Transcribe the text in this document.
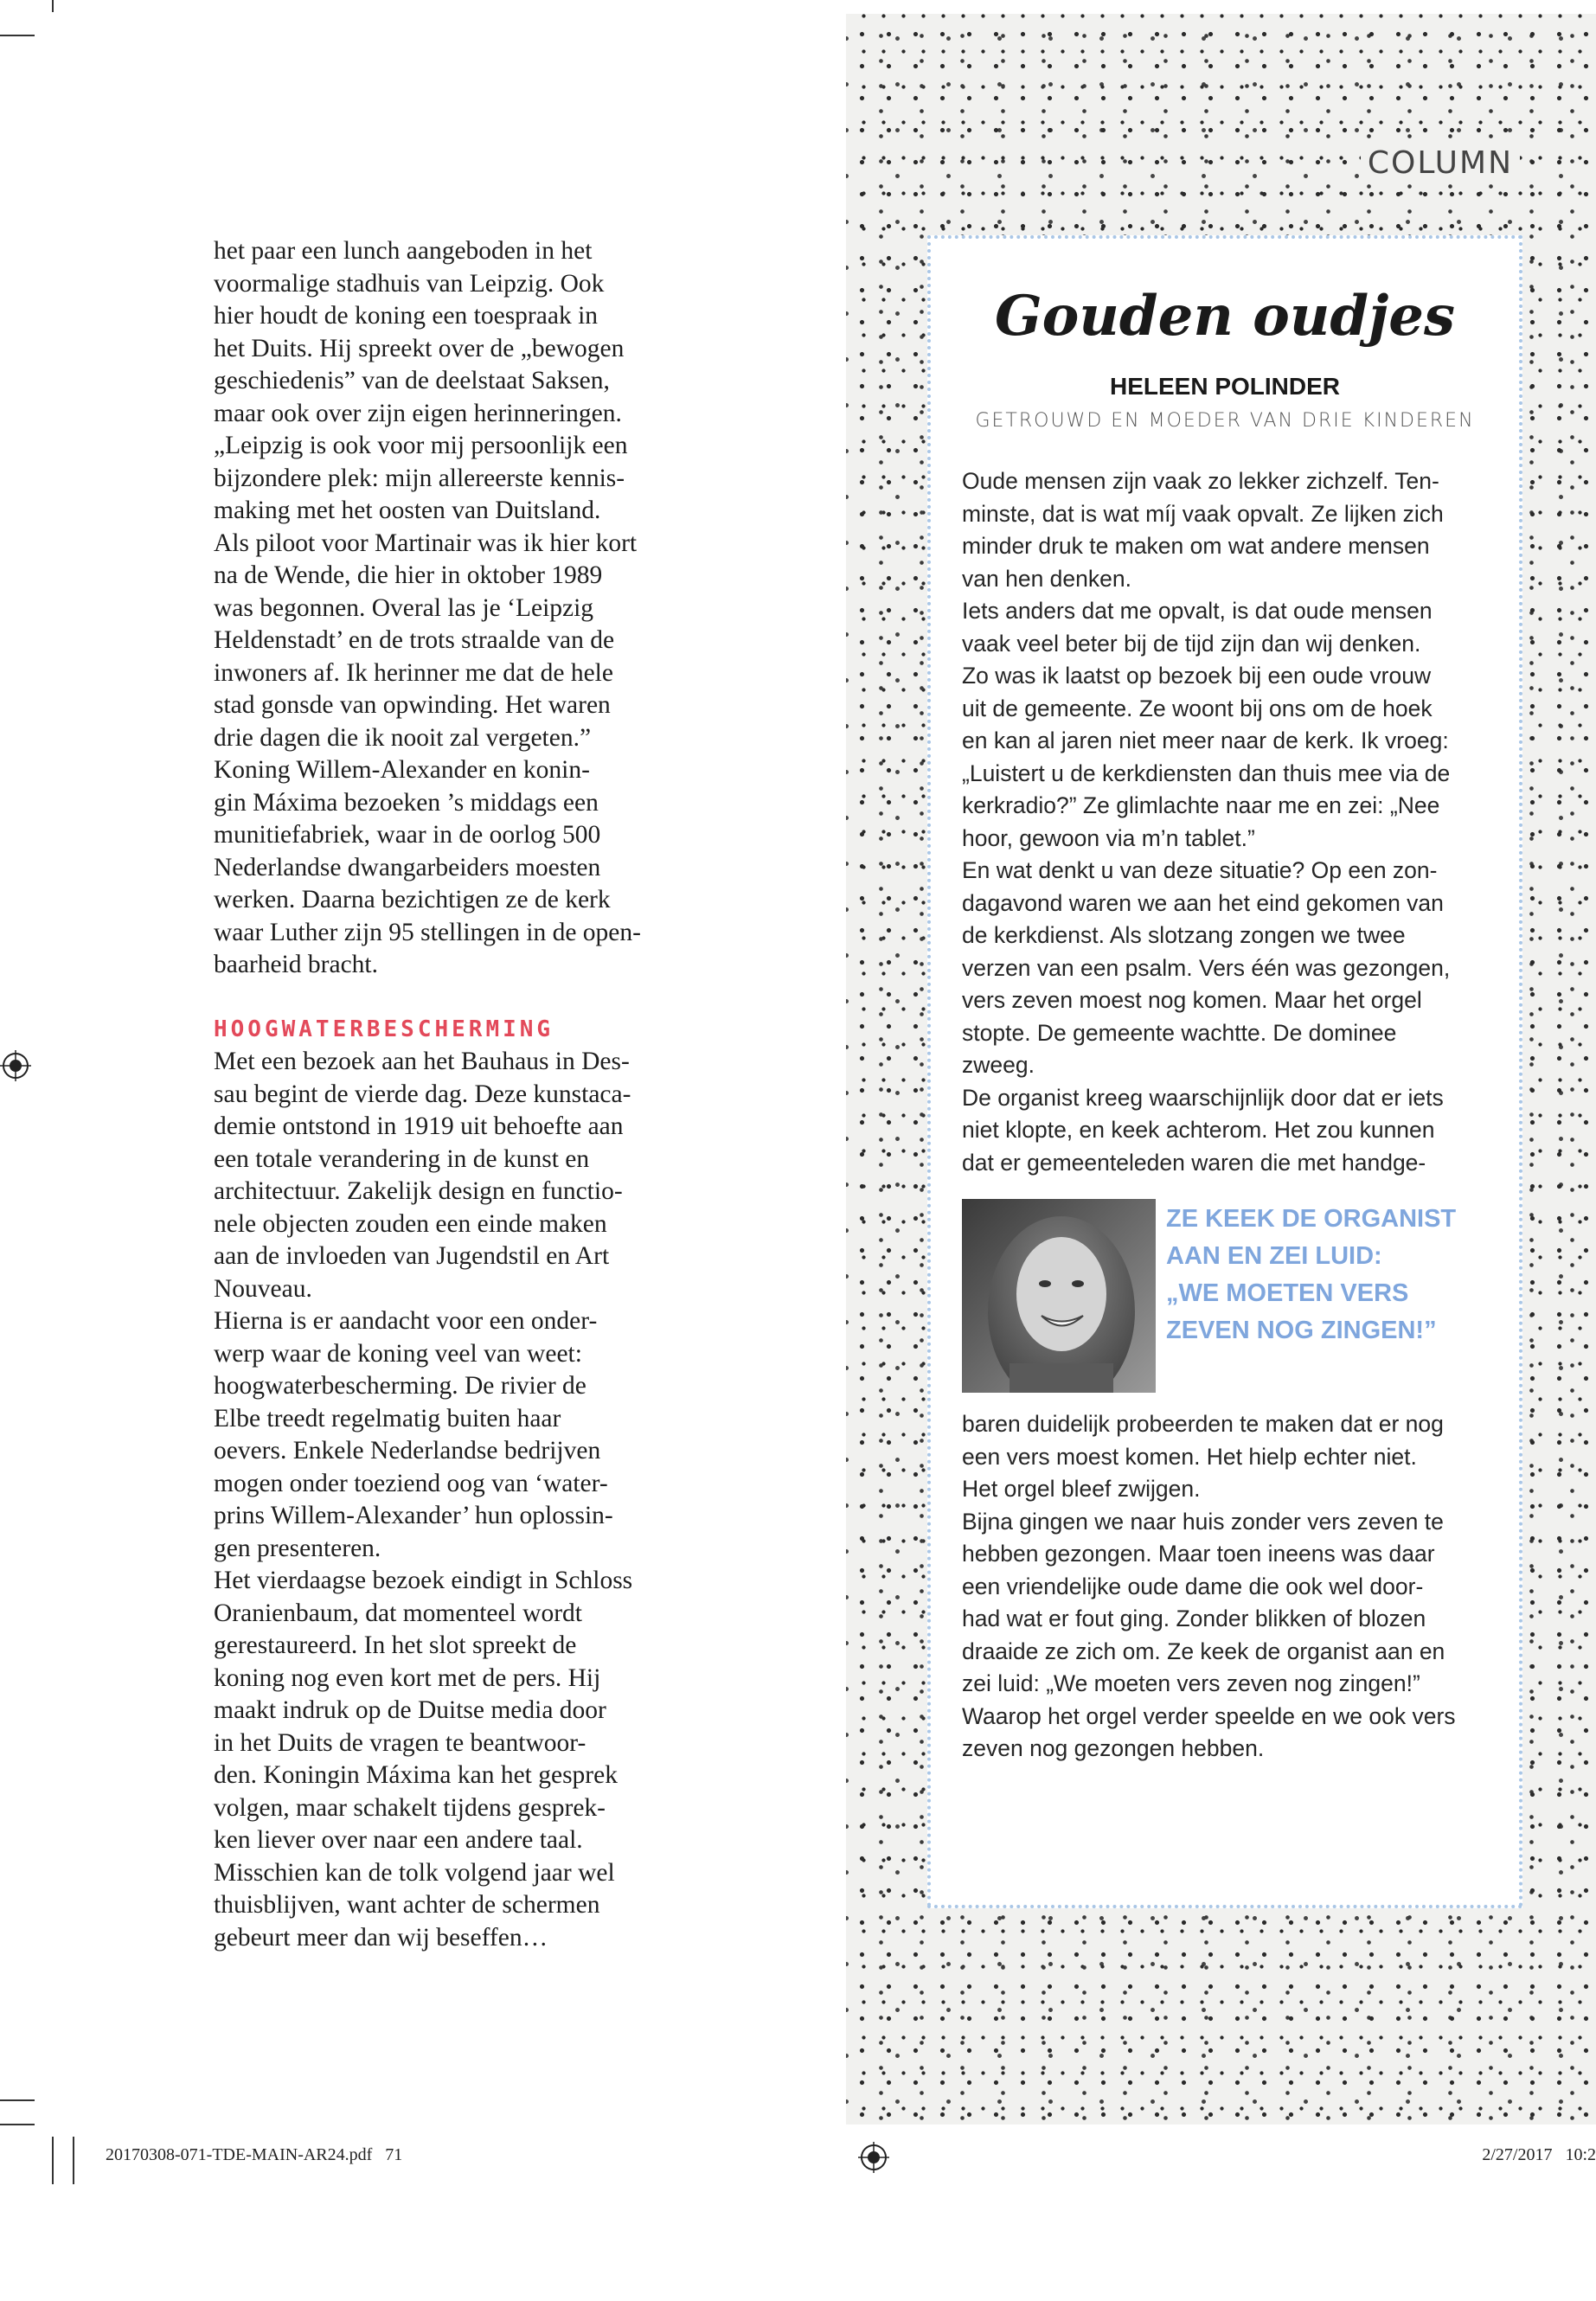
het paar een lunch aangeboden in het
voormalige stadhuis van Leipzig. Ook
hier houdt de koning een toespraak in
het Duits. Hij spreekt over de „bewogen
geschiedenis” van de deelstaat Saksen,
maar ook over zijn eigen herinneringen.
„Leipzig is ook voor mij persoonlijk een
bijzondere plek: mijn allereerste kennis-
making met het oosten van Duitsland.
Als piloot voor Martinair was ik hier kort
na de Wende, die hier in oktober 1989
was begonnen. Overal las je ‘Leipzig
Heldenstadt’ en de trots straalde van de
inwoners af. Ik herinner me dat de hele
stad gonsde van opwinding. Het waren
drie dagen die ik nooit zal vergeten.”
Koning Willem-Alexander en konin-
gin Máxima bezoeken ’s middags een
munitiefabriek, waar in de oorlog 500
Nederlandse dwangarbeiders moesten
werken. Daarna bezichtigen ze de kerk
waar Luther zijn 95 stellingen in de open-
baarheid bracht.
HOOGWATERBESCHERMING
Met een bezoek aan het Bauhaus in Des-
sau begint de vierde dag. Deze kunstaca-
demie ontstond in 1919 uit behoefte aan
een totale verandering in de kunst en
architectuur. Zakelijk design en functio-
nele objecten zouden een einde maken
aan de invloeden van Jugendstil en Art
Nouveau.
Hierna is er aandacht voor een onder-
werp waar de koning veel van weet:
hoogwaterbescherming. De rivier de
Elbe treedt regelmatig buiten haar
oevers. Enkele Nederlandse bedrijven
mogen onder toeziend oog van ‘water-
prins Willem-Alexander’ hun oplossin-
gen presenteren.
Het vierdaagse bezoek eindigt in Schloss
Oranienbaum, dat momenteel wordt
gerestaureerd. In het slot spreekt de
koning nog even kort met de pers. Hij
maakt indruk op de Duitse media door
in het Duits de vragen te beantwoor-
den. Koningin Máxima kan het gesprek
volgen, maar schakelt tijdens gesprek-
ken liever over naar een andere taal.
Misschien kan de tolk volgend jaar wel
thuisblijven, want achter de schermen
gebeurt meer dan wij beseffen…
COLUMN
Gouden oudjes
HELEEN POLINDER
GETROUWD EN MOEDER VAN DRIE KINDEREN
Oude mensen zijn vaak zo lekker zichzelf. Ten-
minste, dat is wat míj vaak opvalt. Ze lijken zich
minder druk te maken om wat andere mensen
van hen denken.
Iets anders dat me opvalt, is dat oude mensen
vaak veel beter bij de tijd zijn dan wij denken.
Zo was ik laatst op bezoek bij een oude vrouw
uit de gemeente. Ze woont bij ons om de hoek
en kan al jaren niet meer naar de kerk. Ik vroeg:
„Luistert u de kerkdiensten dan thuis mee via de
kerkradio?” Ze glimlachte naar me en zei: „Nee
hoor, gewoon via m’n tablet.”
En wat denkt u van deze situatie? Op een zon-
dagavond waren we aan het eind gekomen van
de kerkdienst. Als slotzang zongen we twee
verzen van een psalm. Vers één was gezongen,
vers zeven moest nog komen. Maar het orgel
stopte. De gemeente wachtte. De dominee
zweeg.
De organist kreeg waarschijnlijk door dat er iets
niet klopte, en keek achterom. Het zou kunnen
dat er gemeenteleden waren die met handge-
ZE KEEK DE ORGANIST
AAN EN ZEI LUID:
„WE MOETEN VERS
ZEVEN NOG ZINGEN!”
baren duidelijk probeerden te maken dat er nog
een vers moest komen. Het hielp echter niet.
Het orgel bleef zwijgen.
Bijna gingen we naar huis zonder vers zeven te
hebben gezongen. Maar toen ineens was daar
een vriendelijke oude dame die ook wel door-
had wat er fout ging. Zonder blikken of blozen
draaide ze zich om. Ze keek de organist aan en
zei luid: „We moeten vers zeven nog zingen!”
Waarop het orgel verder speelde en we ook vers
zeven nog gezongen hebben.
20170308-071-TDE-MAIN-AR24.pdf   71	2/27/2017   10:2
